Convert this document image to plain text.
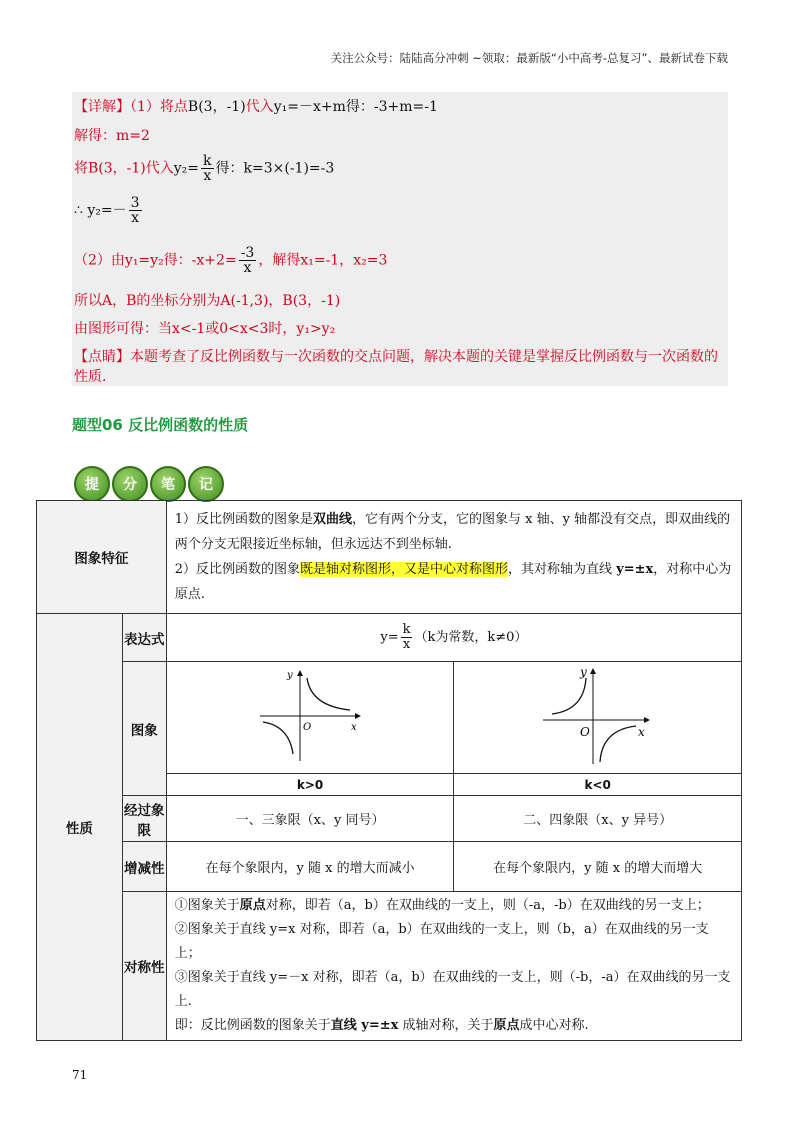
关注公众号：陆陆高分冲刺 ~领取：最新版“小中高考-总复习”、最新试卷下载
【详解】（1）将点B(3，-1)代入y₁=－x+m得：-3+m=-1
解得：m=2
将B(3，-1)代入$y_2= \frac{k}{x}$ 得：k=3×(-1)=-3
∴ $y_2=- \frac{3}{x}$
（2）由y₁=y₂得：$-x+2= \frac{-3}{x}$ ，解得x₁=-1，x₂=3
所以A，B的坐标分别为A(-1,3)，B(3，-1)
由图形可得：当x<-1或0<x<3时，y₁>y₂
【点睛】本题考查了反比例函数与一次函数的交点问题，解决本题的关键是掌握反比例函数与一次函数的
性质.
题型06 反比例函数的性质
提	分	笔	记
图象特征		1）反比例函数的图象是双曲线，它有两个分支，它的图象与 x 轴、y 轴都没有交点，即双曲线的两个分支无限接近坐标轴，但永远达不到坐标轴.
2）反比例函数的图象既是轴对称图形，又是中心对称图形，其对称轴为直线 y=±x，对称中心为原点.	

性质	表达式	$y= \frac{k}{x} (k$为常数，k≠0）	
	图象	y
x
O	y
x
O

		k>0	k<0
	经过象限	一、三象限（x、y 同号）	二、四象限（x、y 异号）
	增减性	在每个象限内，y 随 x 的增大而减小	在每个象限内，y 随 x 的增大而增大
	对称性	①图象关于原点对称，即若（a，b）在双曲线的一支上，则（-a，-b）在双曲线的另一支上；
②图象关于直线 y=x 对称，即若（a，b）在双曲线的一支上，则（b，a）在双曲线的另一支上；
③图象关于直线 y=－x 对称，即若（a，b）在双曲线的一支上，则（-b，-a）在双曲线的另一支上.
即：反比例函数的图象关于直线 y=±x 成轴对称，关于原点成中心对称.	
71
